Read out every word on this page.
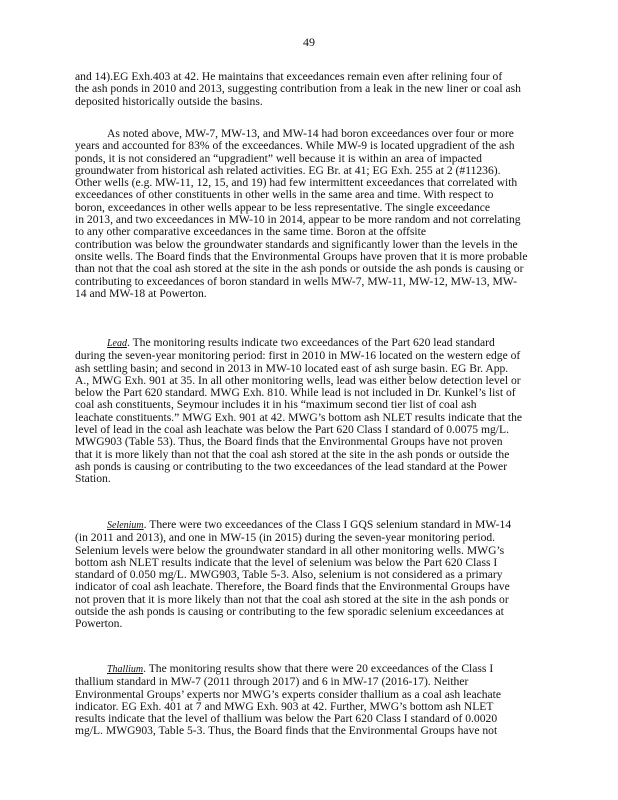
49
and 14).EG Exh.403 at 42. He maintains that exceedances remain even after relining four of
the ash ponds in 2010 and 2013, suggesting contribution from a leak in the new liner or coal ash
deposited historically outside the basins.
As noted above, MW-7, MW-13, and MW-14 had boron exceedances over four or more
years and accounted for 83% of the exceedances. While MW-9 is located upgradient of the ash
ponds, it is not considered an “upgradient” well because it is within an area of impacted
groundwater from historical ash related activities. EG Br. at 41; EG Exh. 255 at 2 (#11236).
Other wells (e.g. MW-11, 12, 15, and 19) had few intermittent exceedances that correlated with
exceedances of other constituents in other wells in the same area and time. With respect to
boron, exceedances in other wells appear to be less representative. The single exceedance
in 2013, and two exceedances in MW-10 in 2014, appear to be more random and not correlating
to any other comparative exceedances in the same time. Boron at the offsite
contribution was below the groundwater standards and significantly lower than the levels in the
onsite wells. The Board finds that the Environmental Groups have proven that it is more probable
than not that the coal ash stored at the site in the ash ponds or outside the ash ponds is causing or
contributing to exceedances of boron standard in wells MW-7, MW-11, MW-12, MW-13, MW-
14 and MW-18 at Powerton.
Lead. The monitoring results indicate two exceedances of the Part 620 lead standard
during the seven-year monitoring period: first in 2010 in MW-16 located on the western edge of
ash settling basin; and second in 2013 in MW-10 located east of ash surge basin. EG Br. App.
A., MWG Exh. 901 at 35. In all other monitoring wells, lead was either below detection level or
below the Part 620 standard. MWG Exh. 810. While lead is not included in Dr. Kunkel’s list of
coal ash constituents, Seymour includes it in his “maximum second tier list of coal ash
leachate constituents.” MWG Exh. 901 at 42. MWG’s bottom ash NLET results indicate that the
level of lead in the coal ash leachate was below the Part 620 Class I standard of 0.0075 mg/L.
MWG903 (Table 53). Thus, the Board finds that the Environmental Groups have not proven
that it is more likely than not that the coal ash stored at the site in the ash ponds or outside the
ash ponds is causing or contributing to the two exceedances of the lead standard at the Power
Station.
Selenium. There were two exceedances of the Class I GQS selenium standard in MW-14
(in 2011 and 2013), and one in MW-15 (in 2015) during the seven-year monitoring period.
Selenium levels were below the groundwater standard in all other monitoring wells. MWG’s
bottom ash NLET results indicate that the level of selenium was below the Part 620 Class I
standard of 0.050 mg/L. MWG903, Table 5-3. Also, selenium is not considered as a primary
indicator of coal ash leachate. Therefore, the Board finds that the Environmental Groups have
not proven that it is more likely than not that the coal ash stored at the site in the ash ponds or
outside the ash ponds is causing or contributing to the few sporadic selenium exceedances at
Powerton.
Thallium. The monitoring results show that there were 20 exceedances of the Class I
thallium standard in MW-7 (2011 through 2017) and 6 in MW-17 (2016-17). Neither
Environmental Groups’ experts nor MWG’s experts consider thallium as a coal ash leachate
indicator. EG Exh. 401 at 7 and MWG Exh. 903 at 42. Further, MWG’s bottom ash NLET
results indicate that the level of thallium was below the Part 620 Class I standard of 0.0020
mg/L. MWG903, Table 5-3. Thus, the Board finds that the Environmental Groups have not
